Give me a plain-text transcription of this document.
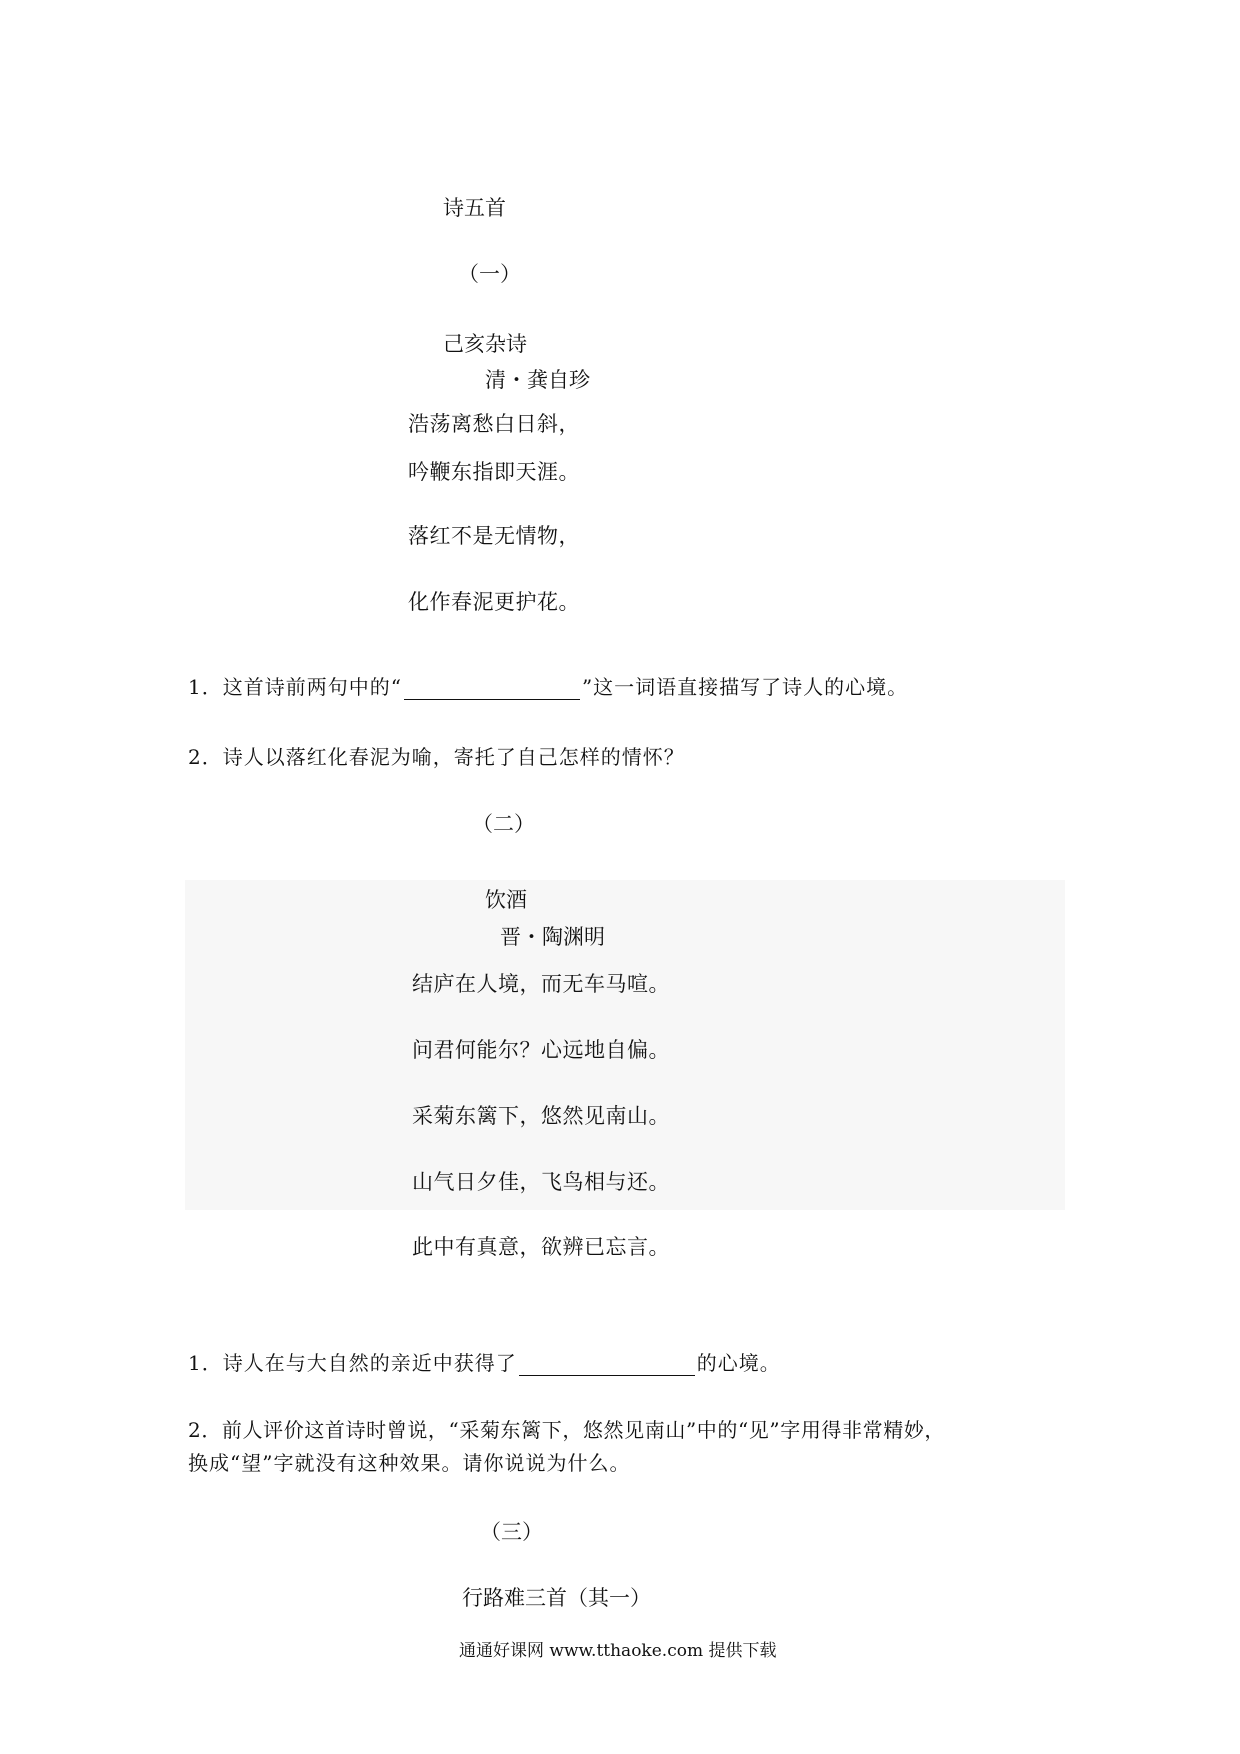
诗五首
（一）
己亥杂诗
清・龚自珍
浩荡离愁白日斜，
吟鞭东指即天涯。
落红不是无情物，
化作春泥更护花。
1．这首诗前两句中的“	”这一词语直接描写了诗人的心境。
2．诗人以落红化春泥为喻，寄托了自己怎样的情怀？
（二）
饮酒
晋・陶渊明
结庐在人境，而无车马喧。
问君何能尔？心远地自偏。
采菊东篱下，悠然见南山。
山气日夕佳，飞鸟相与还。
此中有真意，欲辨已忘言。
1．诗人在与大自然的亲近中获得了	的心境。
2．前人评价这首诗时曾说，“采菊东篱下，悠然见南山”中的“见”字用得非常精妙，
换成“望”字就没有这种效果。请你说说为什么。
（三）
行路难三首（其一）
通通好课网 www.tthaoke.com 提供下载
